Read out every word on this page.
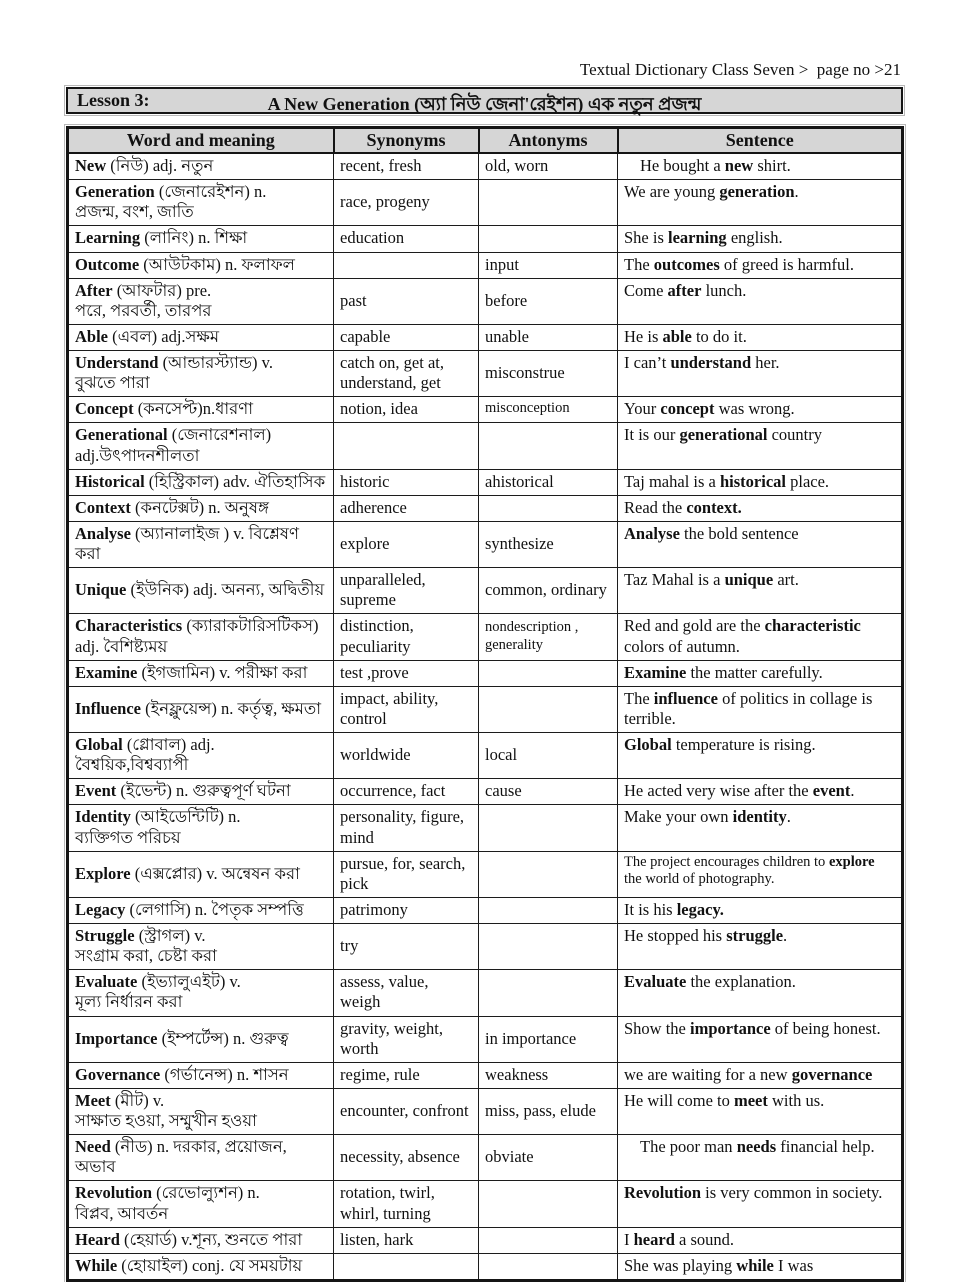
Textual Dictionary Class Seven >  page no >21
Lesson 3:	A New Generation (অ্যা নিউ জেনা'রেইশন) এক নতুন প্রজন্ম
Word and meaning	Synonyms	Antonyms	Sentence
New (নিউ) adj. নতুন	recent, fresh	old, worn	He bought a new shirt.
Generation (জেনারেইশন) n.
প্রজন্ম, বংশ, জাতি	race, progeny		We are young generation.
Learning (লানিং) n. শিক্ষা	education		She is learning english.
Outcome (আউটকাম) n. ফলাফল		input	The outcomes of greed is harmful.
After (আফটার) pre.
পরে, পরবর্তী, তারপর	past	before	Come after lunch.
Able (এবল) adj.সক্ষম	capable	unable	He is able to do it.
Understand (আন্ডারস্ট্যান্ড) v.
বুঝতে পারা	catch on, get at, understand, get	misconstrue	I can’t understand her.
Concept (কনসেপ্ট)n.ধারণা	notion, idea	misconception	Your concept was wrong.
Generational (জেনারেশনাল)
adj.উৎপাদনশীলতা			It is our generational country
Historical (হিস্ট্রিকাল) adv. ঐতিহাসিক	historic	ahistorical	Taj mahal is a historical place.
Context (কনটেক্সট) n. অনুষঙ্গ	adherence		Read the context.
Analyse (অ্যানালাইজ ) v. বিশ্লেষণ করা	explore	synthesize	Analyse the bold sentence
Unique (ইউনিক) adj. অনন্য, অদ্বিতীয়	unparalleled, supreme	common, ordinary	Taz Mahal is a unique art.
Characteristics (ক্যারাকটারিসটিকস)
adj. বৈশিষ্ট্যময়	distinction, peculiarity	nondescription , generality	Red and gold are the characteristic colors of autumn.
Examine (ইগজামিন) v. পরীক্ষা করা	test ,prove		Examine the matter carefully.
Influence (ইনফ্লুয়েন্স) n. কর্তৃত্ব, ক্ষমতা	impact, ability, control		The influence of politics in collage is terrible.
Global (গ্লোবাল) adj. বৈশ্বয়িক,বিশ্বব্যাপী	worldwide	local	Global temperature is rising.
Event (ইভেন্ট) n. গুরুত্বপূর্ণ ঘটনা	occurrence, fact	cause	He acted very wise after the event.
Identity (আইডেন্টিটি) n.
ব্যক্তিগত পরিচয়	personality, figure, mind		Make your own identity.
Explore (এক্সপ্লোর) v. অন্বেষন করা	pursue, for, search, pick		The project encourages children to explore the world of photography.
Legacy (লেগাসি) n. পৈতৃক সম্পত্তি	patrimony		It is his legacy.
Struggle (স্ট্রাগল) v.
সংগ্রাম করা, চেষ্টা করা	try		He stopped his struggle.
Evaluate (ইভ্যালুএইট) v.
মূল্য নির্ধারন করা	assess, value, weigh		Evaluate the explanation.
Importance (ইম্পর্টেন্স) n. গুরুত্ব	gravity, weight, worth	in importance	Show the importance of being honest.
Governance (গর্ভানেন্স) n. শাসন	regime, rule	weakness	we are waiting for a new governance
Meet (মীট) v.
সাক্ষাত হওয়া, সম্মুখীন হওয়া	encounter, confront	miss, pass, elude	He will come to meet with us.
Need (নীড) n. দরকার, প্রয়োজন, অভাব	necessity, absence	obviate	The poor man needs financial help.
Revolution (রেভোল্যুশন) n.
বিপ্লব, আবর্তন	rotation, twirl, whirl, turning		Revolution is very common in society.
Heard (হেয়ার্ড) v.শূন্য, শুনতে পারা	listen, hark		I heard a sound.
While (হোয়াইল) conj. যে সময়টায়			She was playing while I was
